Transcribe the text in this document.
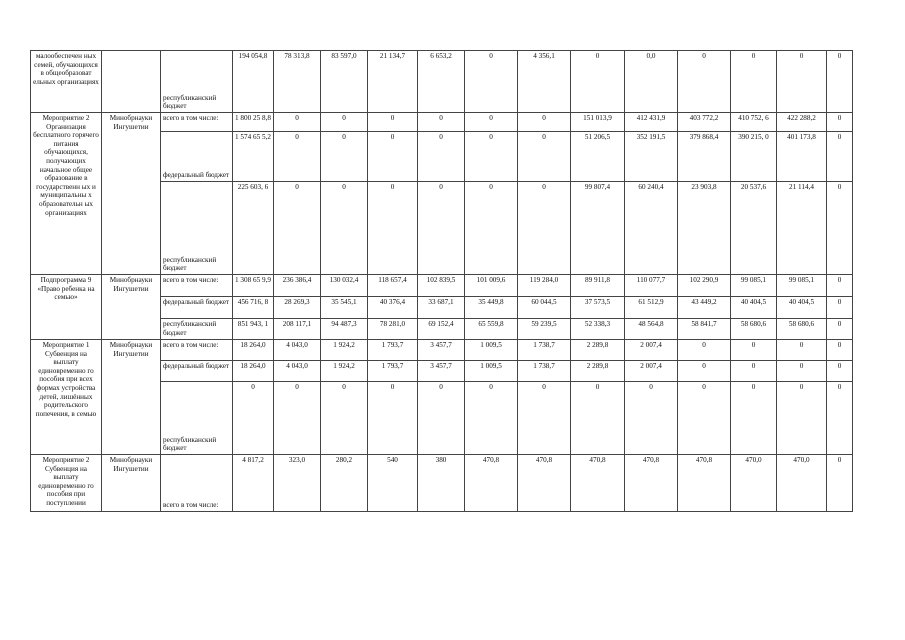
малообеспечен ных семей, обучающихся в общеобразоват ельных организациях		республиканский бюджет	194 054,8	78 313,8	83 597,0	21 134,7	6 653,2	0	4 356,1	0	0,0	0	0	0	0
Мероприятие 2 Организация бесплатного горячего питания обучающихся, получающих начальное общее образование в государственн ых и муниципальны х образовательн ых организациях	Минобрнауки Ингушетии	всего в том числе:	1 800 25 8,8	0	0	0	0	0	0	151 013,9	412 431,9	403 772,2	410 752, 6	422 288,2	0
		федеральный бюджет	1 574 65 5,2	0	0	0	0	0	0	51 206,5	352 191,5	379 868,4	390 215, 0	401 173,8	0
		республиканский бюджет	225 603, 6	0	0	0	0	0	0	99 807,4	60 240,4	23 903,8	20 537,6	21 114,4	0
Подпрограмма 9 «Право ребенка на семью»	Минобрнауки Ингушетии	всего в том числе:	1 308 65 9,9	236 386,4	130 032,4	118 657,4	102 839,5	101 009,6	119 284,0	89 911,8	110 077,7	102 290,9	99 085,1	99 085,1	0
		федеральный бюджет	456 716, 8	28 269,3	35 545,1	40 376,4	33 687,1	35 449,8	60 044,5	37 573,5	61 512,9	43 449,2	40 404,5	40 404,5	0
		республиканский бюджет	851 943, 1	208 117,1	94 487,3	78 281,0	69 152,4	65 559,8	59 239,5	52 338,3	48 564,8	58 841,7	58 680,6	58 680,6	0
Мероприятие 1 Субвенция на выплату единовременно го пособия при всех формах устройства детей, лишённых родительского попечения, в семью	Минобрнауки Ингушетии	всего в том числе:	18 264,0	4 043,0	1 924,2	1 793,7	3 457,7	1 009,5	1 738,7	2 289,8	2 007,4	0	0	0	0
		федеральный бюджет	18 264,0	4 043,0	1 924,2	1 793,7	3 457,7	1 009,5	1 738,7	2 289,8	2 007,4	0	0	0	0
		республиканский бюджет	0	0	0	0	0	0	0	0	0	0	0	0	0
Мероприятие 2 Субвенция на выплату единовременно го пособия при поступлении	Минобрнауки Ингушетии	всего в том числе:	4 817,2	323,0	280,2	540	380	470,8	470,8	470,8	470,8	470,8	470,0	470,0	0
